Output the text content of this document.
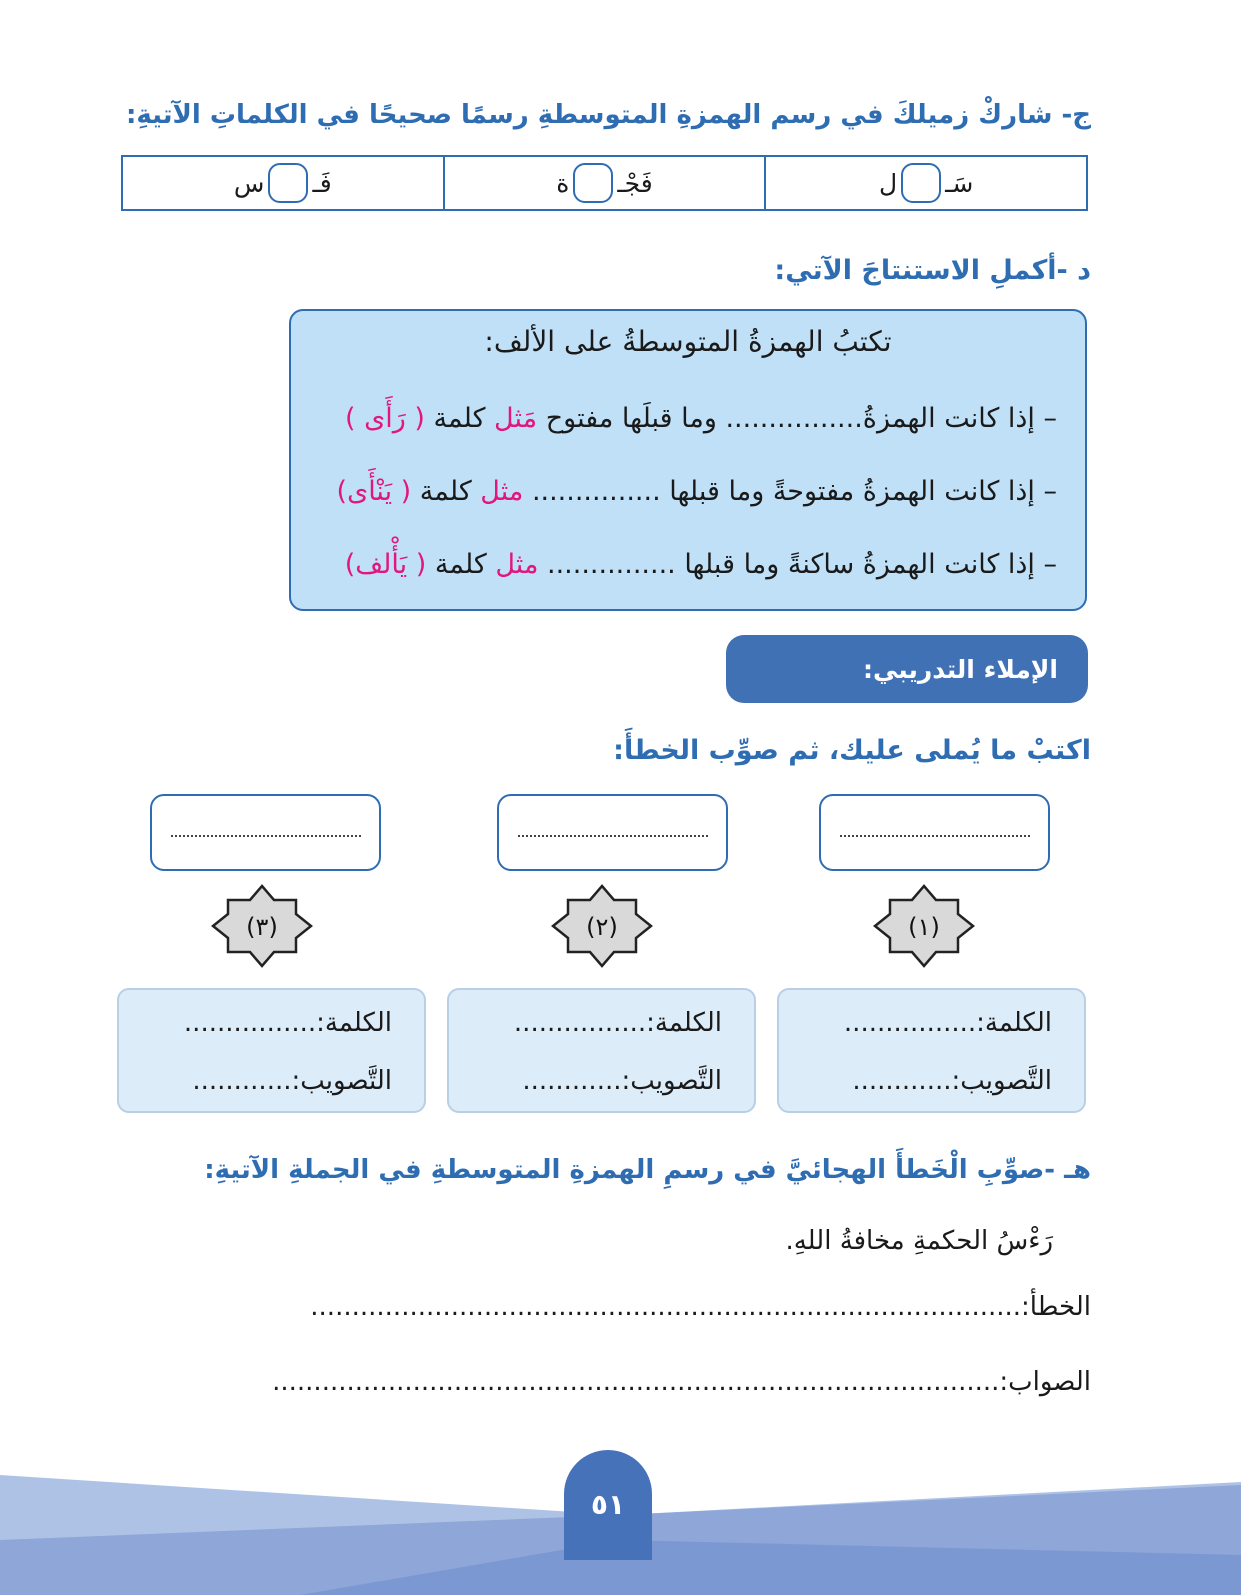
ج- شاركْ زميلكَ في رسم الهمزةِ المتوسطةِ رسمًا صحيحًا في الكلماتِ الآتيةِ:
سَـ
ل
فَجْـ
ة
فَـ
س
د -أكملِ الاستنتاجَ الآتي:
تكتبُ الهمزةُ المتوسطةُ على الألف:
– إذا كانت الهمزةُ................ وما قبلَها مفتوح مَثل كلمة ( رَأَى )
– إذا كانت الهمزةُ مفتوحةً وما قبلها ............... مثل كلمة ( يَنْأَى)
– إذا كانت الهمزةُ ساكنةً وما قبلها ............... مثل كلمة ( يَأْلف)
الإملاء التدريبي:
اكتبْ ما يُملى عليك، ثم صوِّب الخطأَ:
(١)
(٢)
(٣)
الكلمة:................
التَّصويب:............
الكلمة:................
التَّصويب:............
الكلمة:................
التَّصويب:............
هـ -صوِّبِ الْخَطأَ الهجائيَّ في رسمِ الهمزةِ المتوسطةِ في الجملةِ الآتيةِ:
رَءْسُ الحكمةِ مخافةُ اللهِ.
الخطأ:......................................................................................
الصواب:........................................................................................
٥١
